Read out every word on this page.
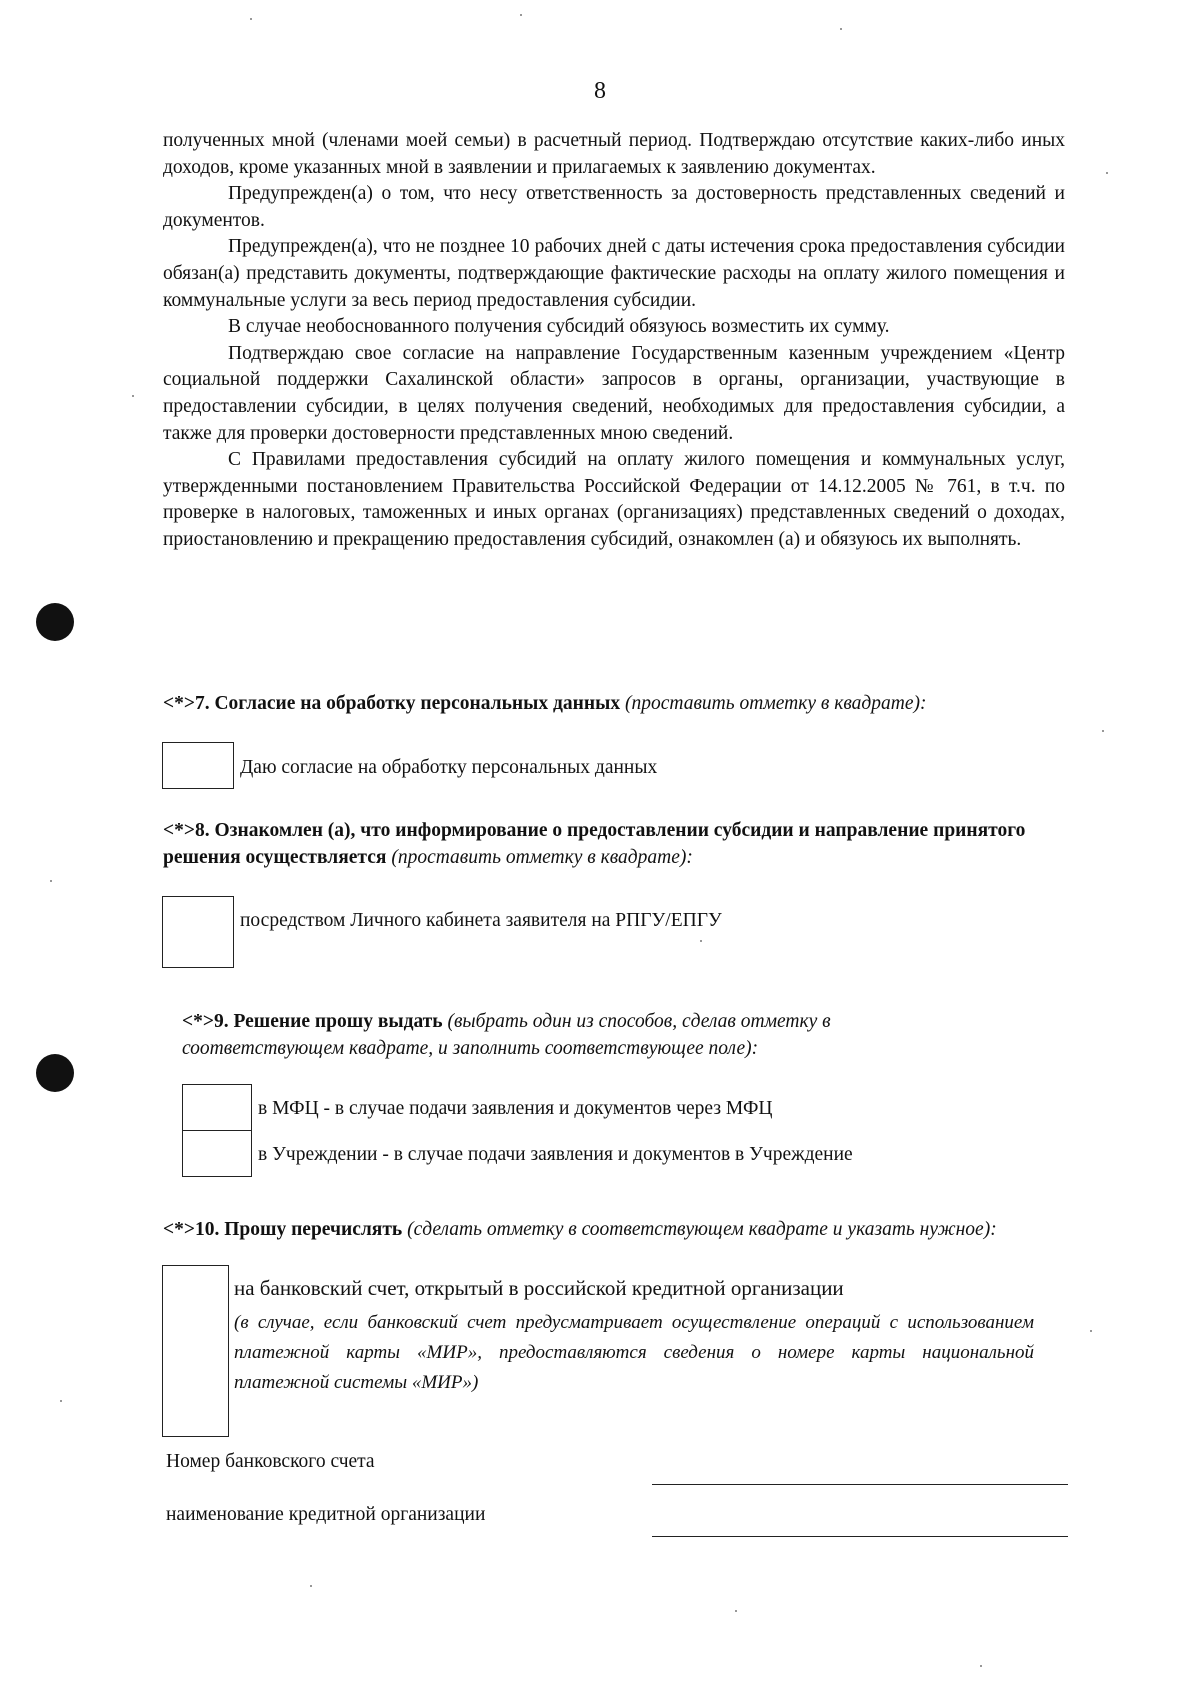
8

полученных мной (членами моей семьи) в расчетный период. Подтверждаю отсутствие каких-либо иных доходов, кроме указанных мной в заявлении и прилагаемых к заявлению документах.

Предупрежден(а) о том, что несу ответственность за достоверность представленных сведений и документов.

Предупрежден(а), что не позднее 10 рабочих дней с даты истечения срока предоставления субсидии обязан(а) представить документы, подтверждающие фактические расходы на оплату жилого помещения и коммунальные услуги за весь период предоставления субсидии.

В случае необоснованного получения субсидий обязуюсь возместить их сумму.

Подтверждаю свое согласие на направление Государственным казенным учреждением «Центр социальной поддержки Сахалинской области» запросов в органы, организации, участвующие в предоставлении субсидии, в целях получения сведений, необходимых для предоставления субсидии, а также для проверки достоверности представленных мною сведений.

С Правилами предоставления субсидий на оплату жилого помещения и коммунальных услуг, утвержденными постановлением Правительства Российской Федерации от 14.12.2005 № 761, в т.ч. по проверке в налоговых, таможенных и иных органах (организациях) представленных сведений о доходах, приостановлению и прекращению предоставления субсидий, ознакомлен (а) и обязуюсь их выполнять.

<*>7. Согласие на обработку персональных данных (проставить отметку в квадрате):
Даю согласие на обработку персональных данных
<*>8. Ознакомлен (а), что информирование о предоставлении субсидии и направление принятого решения осуществляется (проставить отметку в квадрате):
посредством Личного кабинета заявителя на РПГУ/ЕПГУ
<*>9. Решение прошу выдать (выбрать один из способов, сделав отметку в соответствующем квадрате, и заполнить соответствующее поле):
в МФЦ - в случае подачи заявления и документов через МФЦ
в Учреждении - в случае подачи заявления и документов в Учреждение
<*>10. Прошу перечислять (сделать отметку в соответствующем квадрате и указать нужное):
на банковский счет, открытый в российской кредитной организации
(в случае, если банковский счет предусматривает осуществление операций с использованием платежной карты «МИР», предоставляются сведения о номере карты национальной платежной системы «МИР»)
Номер банковского счета
наименование кредитной организации
